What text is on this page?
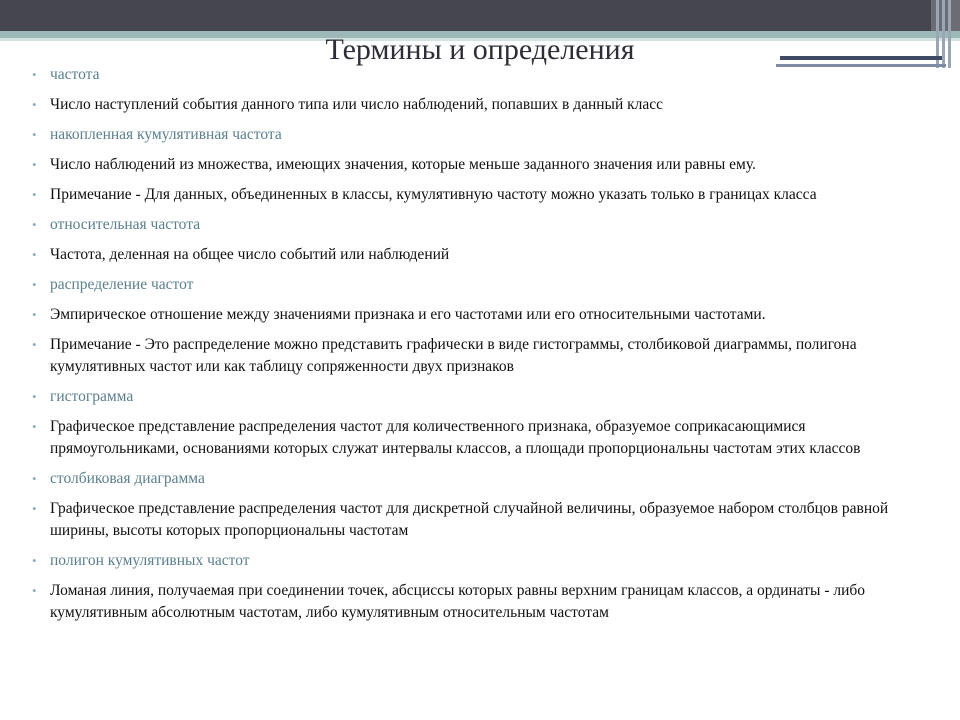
Термины и определения
• частота
• Число наступлений события данного типа или число наблюдений, попавших в данный класс
• накопленная кумулятивная частота
• Число наблюдений из множества, имеющих значения, которые меньше заданного значения или равны ему.
• Примечание - Для данных, объединенных в классы, кумулятивную частоту можно указать только в границах класса
• относительная частота
• Частота, деленная на общее число событий или наблюдений
• распределение частот
• Эмпирическое отношение между значениями признака и его частотами или его относительными частотами.
• Примечание - Это распределение можно представить графически в виде гистограммы, столбиковой диаграммы, полигона кумулятивных частот или как таблицу сопряженности двух признаков
• гистограмма
• Графическое представление распределения частот для количественного признака, образуемое соприкасающимися прямоугольниками, основаниями которых служат интервалы классов, а площади пропорциональны частотам этих классов
• столбиковая диаграмма
• Графическое представление распределения частот для дискретной случайной величины, образуемое набором столбцов равной ширины, высоты которых пропорциональны частотам
• полигон кумулятивных частот
• Ломаная линия, получаемая при соединении точек, абсциссы которых равны верхним границам классов, а ординаты - либо кумулятивным абсолютным частотам, либо кумулятивным относительным частотам
